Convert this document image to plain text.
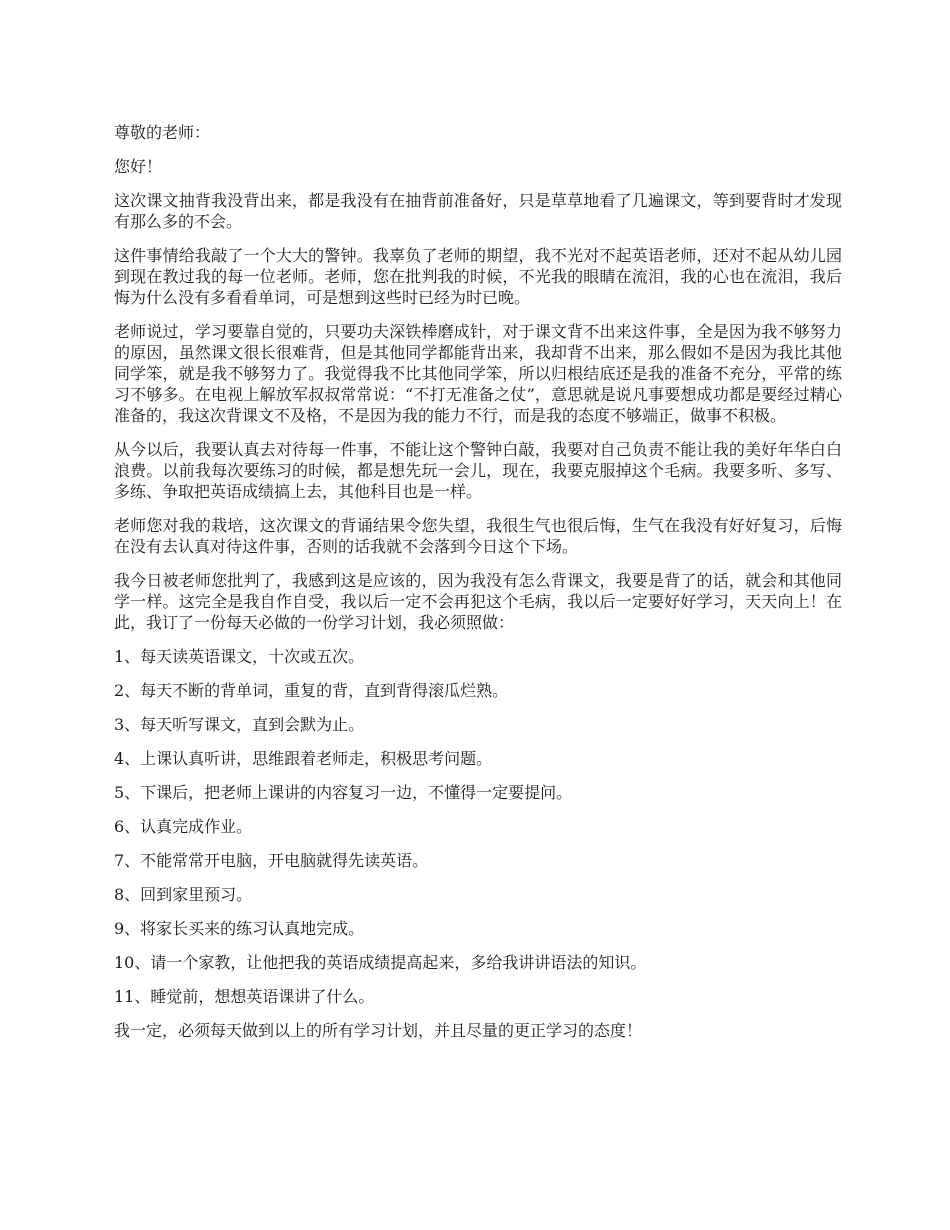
尊敬的老师：

您好！

这次课文抽背我没背出来，都是我没有在抽背前准备好，只是草草地看了几遍课文，等到要背时才发现有那么多的不会。

这件事情给我敲了一个大大的警钟。我辜负了老师的期望，我不光对不起英语老师，还对不起从幼儿园到现在教过我的每一位老师。老师，您在批判我的时候，不光我的眼睛在流泪，我的心也在流泪，我后悔为什么没有多看看单词，可是想到这些时已经为时已晚。

老师说过，学习要靠自觉的，只要功夫深铁棒磨成针，对于课文背不出来这件事，全是因为我不够努力的原因，虽然课文很长很难背，但是其他同学都能背出来，我却背不出来，那么假如不是因为我比其他同学笨，就是我不够努力了。我觉得我不比其他同学笨，所以归根结底还是我的准备不充分，平常的练习不够多。在电视上解放军叔叔常常说：“不打无准备之仗”，意思就是说凡事要想成功都是要经过精心准备的，我这次背课文不及格，不是因为我的能力不行，而是我的态度不够端正，做事不积极。

从今以后，我要认真去对待每一件事，不能让这个警钟白敲，我要对自己负责不能让我的美好年华白白浪费。以前我每次要练习的时候，都是想先玩一会儿，现在，我要克服掉这个毛病。我要多听、多写、多练、争取把英语成绩搞上去，其他科目也是一样。

老师您对我的栽培，这次课文的背诵结果令您失望，我很生气也很后悔，生气在我没有好好复习，后悔在没有去认真对待这件事，否则的话我就不会落到今日这个下场。

我今日被老师您批判了，我感到这是应该的，因为我没有怎么背课文，我要是背了的话，就会和其他同学一样。这完全是我自作自受，我以后一定不会再犯这个毛病，我以后一定要好好学习，天天向上！在此，我订了一份每天必做的一份学习计划，我必须照做：

1、每天读英语课文，十次或五次。

2、每天不断的背单词，重复的背，直到背得滚瓜烂熟。

3、每天听写课文，直到会默为止。

4、上课认真听讲，思维跟着老师走，积极思考问题。

5、下课后，把老师上课讲的内容复习一边，不懂得一定要提问。

6、认真完成作业。

7、不能常常开电脑，开电脑就得先读英语。

8、回到家里预习。

9、将家长买来的练习认真地完成。

10、请一个家教，让他把我的英语成绩提高起来，多给我讲讲语法的知识。

11、睡觉前，想想英语课讲了什么。

我一定，必须每天做到以上的所有学习计划，并且尽量的更正学习的态度！
